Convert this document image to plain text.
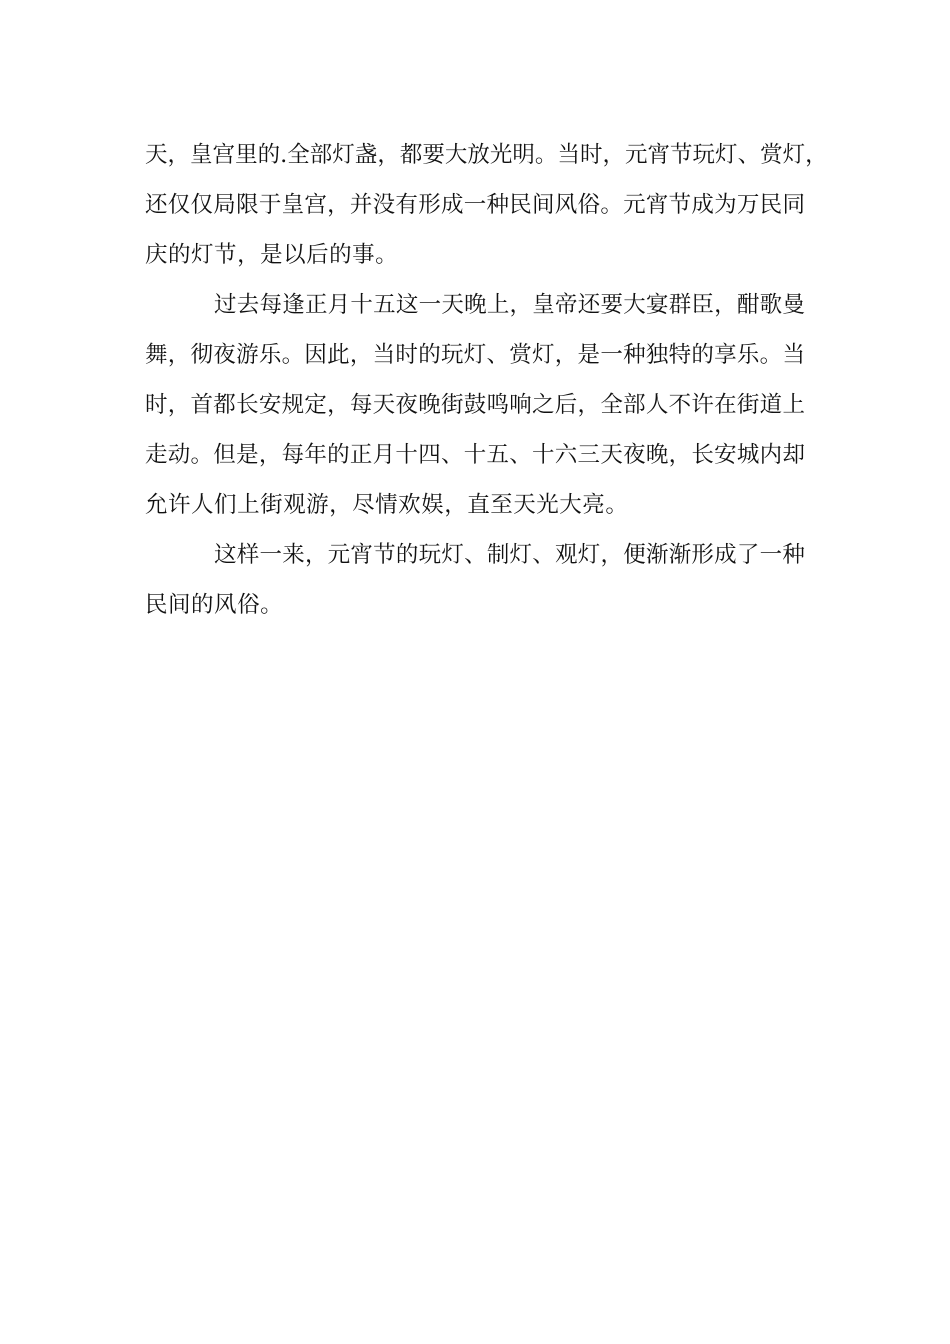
天 ， 皇 宫 里 的 . 全 部 灯 盏 ， 都 要 大 放 光 明 。 当 时 ， 元 宵 节 玩 灯 、 赏 灯 ，
还 仅 仅 局 限 于 皇 宫 ， 并 没 有 形 成 一 种 民 间 风 俗 。 元 宵 节 成 为 万 民 同
庆 的 灯 节 ， 是 以 后 的 事 。
过 去 每 逢 正 月 十 五 这 一 天 晚 上 ， 皇 帝 还 要 大 宴 群 臣 ， 酣 歌 曼
舞 ， 彻 夜 游 乐 。 因 此 ， 当 时 的 玩 灯 、 赏 灯 ， 是 一 种 独 特 的 享 乐 。 当
时 ， 首 都 长 安 规 定 ， 每 天 夜 晚 街 鼓 鸣 响 之 后 ， 全 部 人 不 许 在 街 道 上
走 动 。 但 是 ， 每 年 的 正 月 十 四 、 十 五 、 十 六 三 天 夜 晚 ， 长 安 城 内 却
允 许 人 们 上 街 观 游 ， 尽 情 欢 娱 ， 直 至 天 光 大 亮 。
这 样 一 来 ， 元 宵 节 的 玩 灯 、 制 灯 、 观 灯 ， 便 渐 渐 形 成 了 一 种
民 间 的 风 俗 。
